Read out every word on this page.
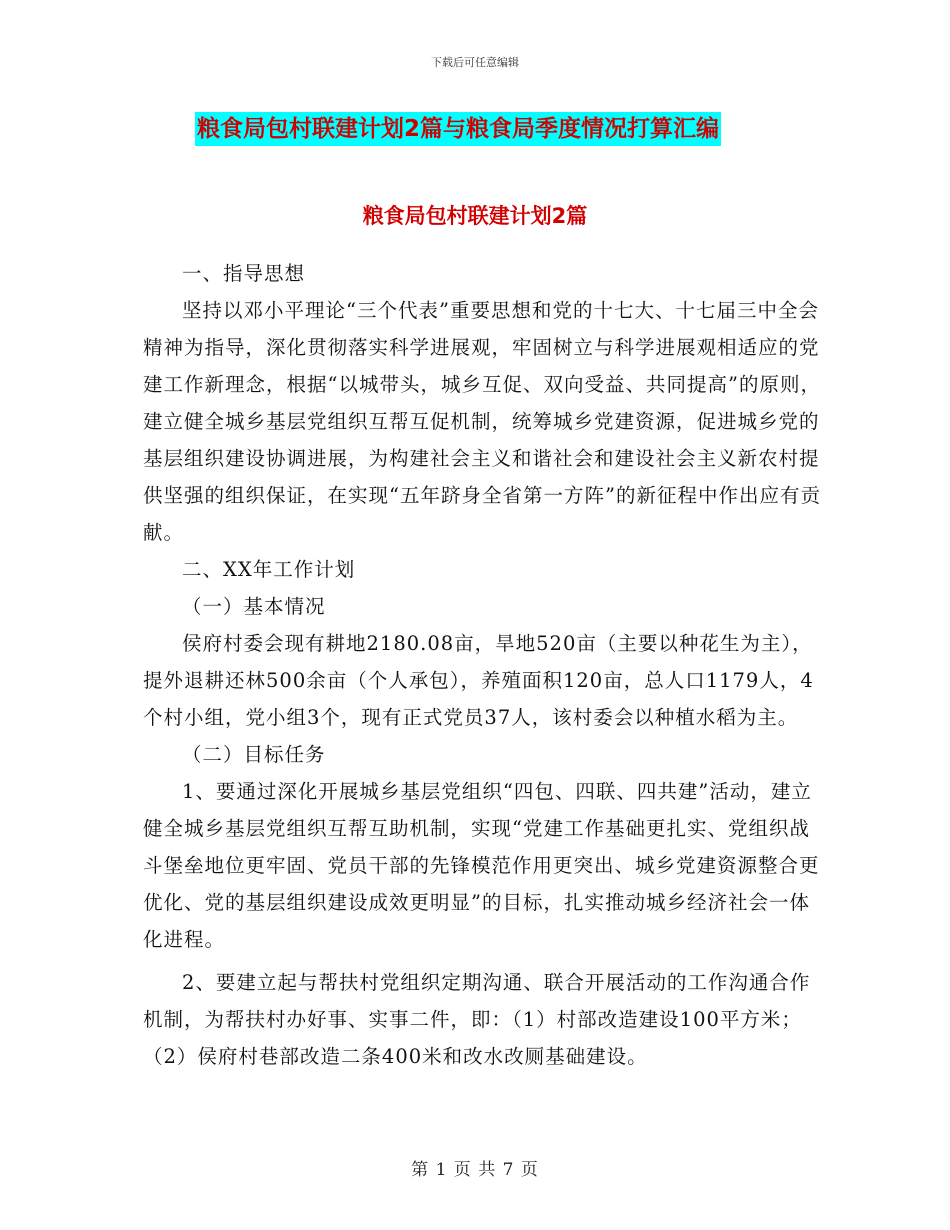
下载后可任意编辑
粮食局包村联建计划2篇与粮食局季度情况打算汇编
粮食局包村联建计划2篇

一、指导思想

坚持以邓小平理论“三个代表”重要思想和党的十七大、十七届三中全会精神为指导，深化贯彻落实科学进展观，牢固树立与科学进展观相适应的党建工作新理念，根据“以城带头，城乡互促、双向受益、共同提高”的原则，建立健全城乡基层党组织互帮互促机制，统筹城乡党建资源，促进城乡党的基层组织建设协调进展，为构建社会主义和谐社会和建设社会主义新农村提供坚强的组织保证，在实现“五年跻身全省第一方阵”的新征程中作出应有贡献。

二、XX年工作计划

（一）基本情况

侯府村委会现有耕地2180.08亩，旱地520亩（主要以种花生为主），提外退耕还林500余亩（个人承包），养殖面积120亩，总人口1179人，4个村小组，党小组3个，现有正式党员37人，该村委会以种植水稻为主。

（二）目标任务

1、要通过深化开展城乡基层党组织“四包、四联、四共建”活动，建立健全城乡基层党组织互帮互助机制，实现“党建工作基础更扎实、党组织战斗堡垒地位更牢固、党员干部的先锋模范作用更突出、城乡党建资源整合更优化、党的基层组织建设成效更明显”的目标，扎实推动城乡经济社会一体化进程。

2、要建立起与帮扶村党组织定期沟通、联合开展活动的工作沟通合作机制，为帮扶村办好事、实事二件，即：（1）村部改造建设100平方米；（2）侯府村巷部改造二条400米和改水改厕基础建设。

第 1 页 共 7 页
